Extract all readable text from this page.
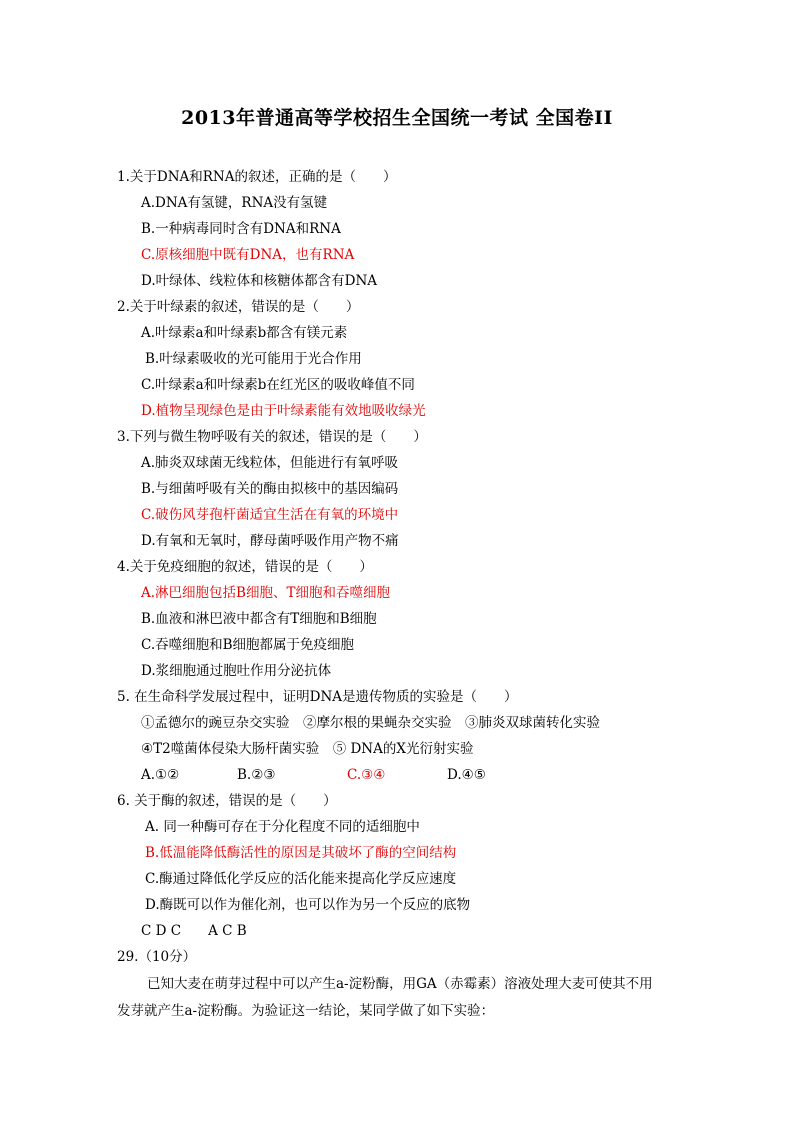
2013年普通高等学校招生全国统一考试 全国卷II
1.关于DNA和RNA的叙述，正确的是（　　）
A.DNA有氢键，RNA没有氢键
B.一种病毒同时含有DNA和RNA
C.原核细胞中既有DNA，也有RNA
D.叶绿体、线粒体和核糖体都含有DNA
2.关于叶绿素的叙述，错误的是（　　）
A.叶绿素a和叶绿素b都含有镁元素
B.叶绿素吸收的光可能用于光合作用
C.叶绿素a和叶绿素b在红光区的吸收峰值不同
D.植物呈现绿色是由于叶绿素能有效地吸收绿光
3.下列与微生物呼吸有关的叙述，错误的是（　　）
A.肺炎双球菌无线粒体，但能进行有氧呼吸
B.与细菌呼吸有关的酶由拟核中的基因编码
C.破伤风芽孢杆菌适宜生活在有氧的环境中
D.有氧和无氧时，酵母菌呼吸作用产物不痛
4.关于免疫细胞的叙述，错误的是（　　）
A.淋巴细胞包括B细胞、T细胞和吞噬细胞
B.血液和淋巴液中都含有T细胞和B细胞
C.吞噬细胞和B细胞都属于免疫细胞
D.浆细胞通过胞吐作用分泌抗体
5. 在生命科学发展过程中，证明DNA是遗传物质的实验是（　　）
①孟德尔的豌豆杂交实验　②摩尔根的果蝇杂交实验　③肺炎双球菌转化实验
④T2噬菌体侵染大肠杆菌实验　⑤ DNA的X光衍射实验
A.①②	B.②③	C.③④	D.④⑤
6. 关于酶的叙述，错误的是（　　）
A. 同一种酶可存在于分化程度不同的适细胞中
B.低温能降低酶活性的原因是其破坏了酶的空间结构
C.酶通过降低化学反应的活化能来提高化学反应速度
D.酶既可以作为催化剂，也可以作为另一个反应的底物
C D C　　A C B
29.（10分）
已知大麦在萌芽过程中可以产生a-淀粉酶，用GA（赤霉素）溶液处理大麦可使其不用
发芽就产生a-淀粉酶。为验证这一结论，某同学做了如下实验：
